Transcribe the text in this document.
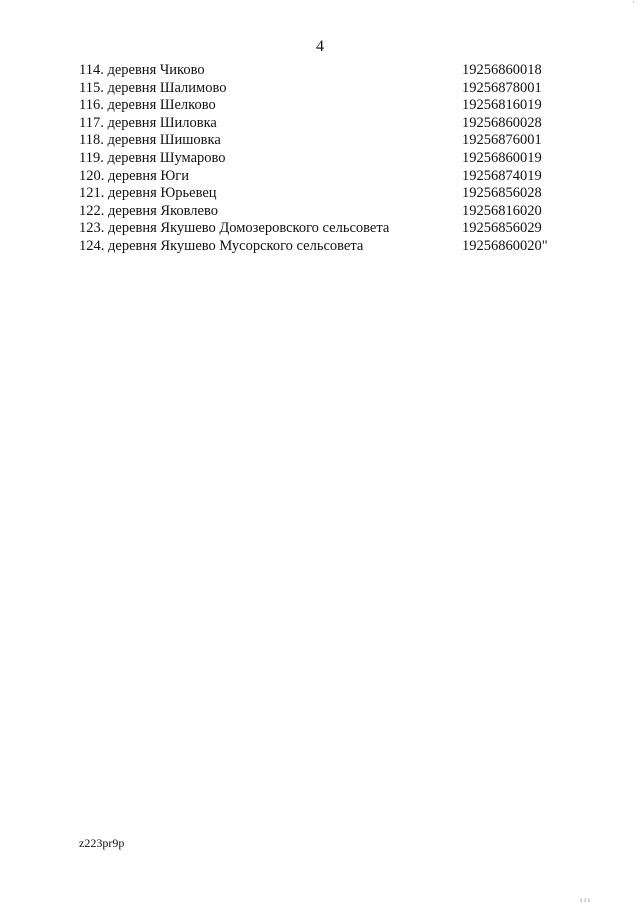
4
114. деревня Чиково	19256860018
115. деревня Шалимово	19256878001
116. деревня Шелково	19256816019
117. деревня Шиловка	19256860028
118. деревня Шишовка	19256876001
119. деревня Шумарово	19256860019
120. деревня Юги	19256874019
121. деревня Юрьевец	19256856028
122. деревня Яковлево	19256816020
123. деревня Якушево Домозеровского сельсовета	19256856029
124. деревня Якушево Мусорского сельсовета	19256860020"
z223pr9p
'
ııı
